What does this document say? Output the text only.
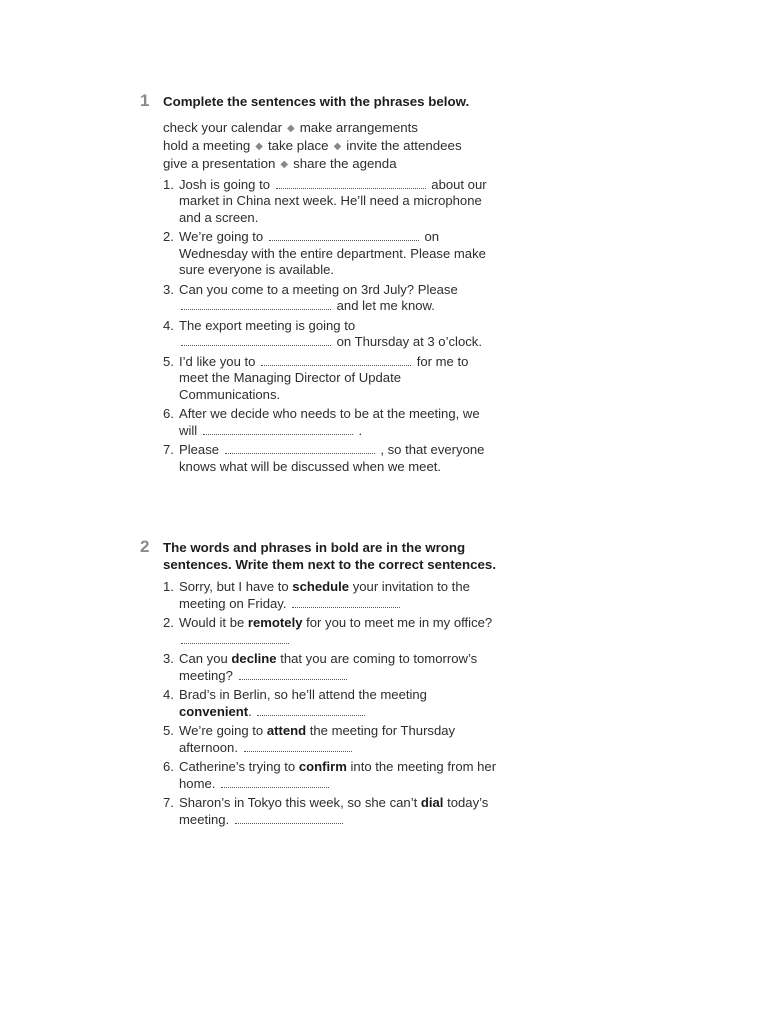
1 Complete the sentences with the phrases below.
check your calendar ◆ make arrangements
hold a meeting ◆ take place ◆ invite the attendees
give a presentation ◆ share the agenda
1. Josh is going to	about our market in China next week. He’ll need a microphone and a screen.
2. We’re going to	on Wednesday with the entire department. Please make sure everyone is available.
3. Can you come to a meeting on 3rd July? Please  and let me know.
4. The export meeting is going to  on Thursday at 3 o’clock.
5. I’d like you to	for me to meet the Managing Director of Update Communications.
6. After we decide who needs to be at the meeting, we will	.
7. Please	, so that everyone knows what will be discussed when we meet.
2 The words and phrases in bold are in the wrong sentences. Write them next to the correct sentences.
1. Sorry, but I have to schedule your invitation to the meeting on Friday.
2. Would it be remotely for you to meet me in my office?
3. Can you decline that you are coming to tomorrow’s meeting?
4. Brad’s in Berlin, so he’ll attend the meeting convenient.
5. We’re going to attend the meeting for Thursday afternoon.
6. Catherine’s trying to confirm into the meeting from her home.
7. Sharon’s in Tokyo this week, so she can’t dial today’s meeting.
